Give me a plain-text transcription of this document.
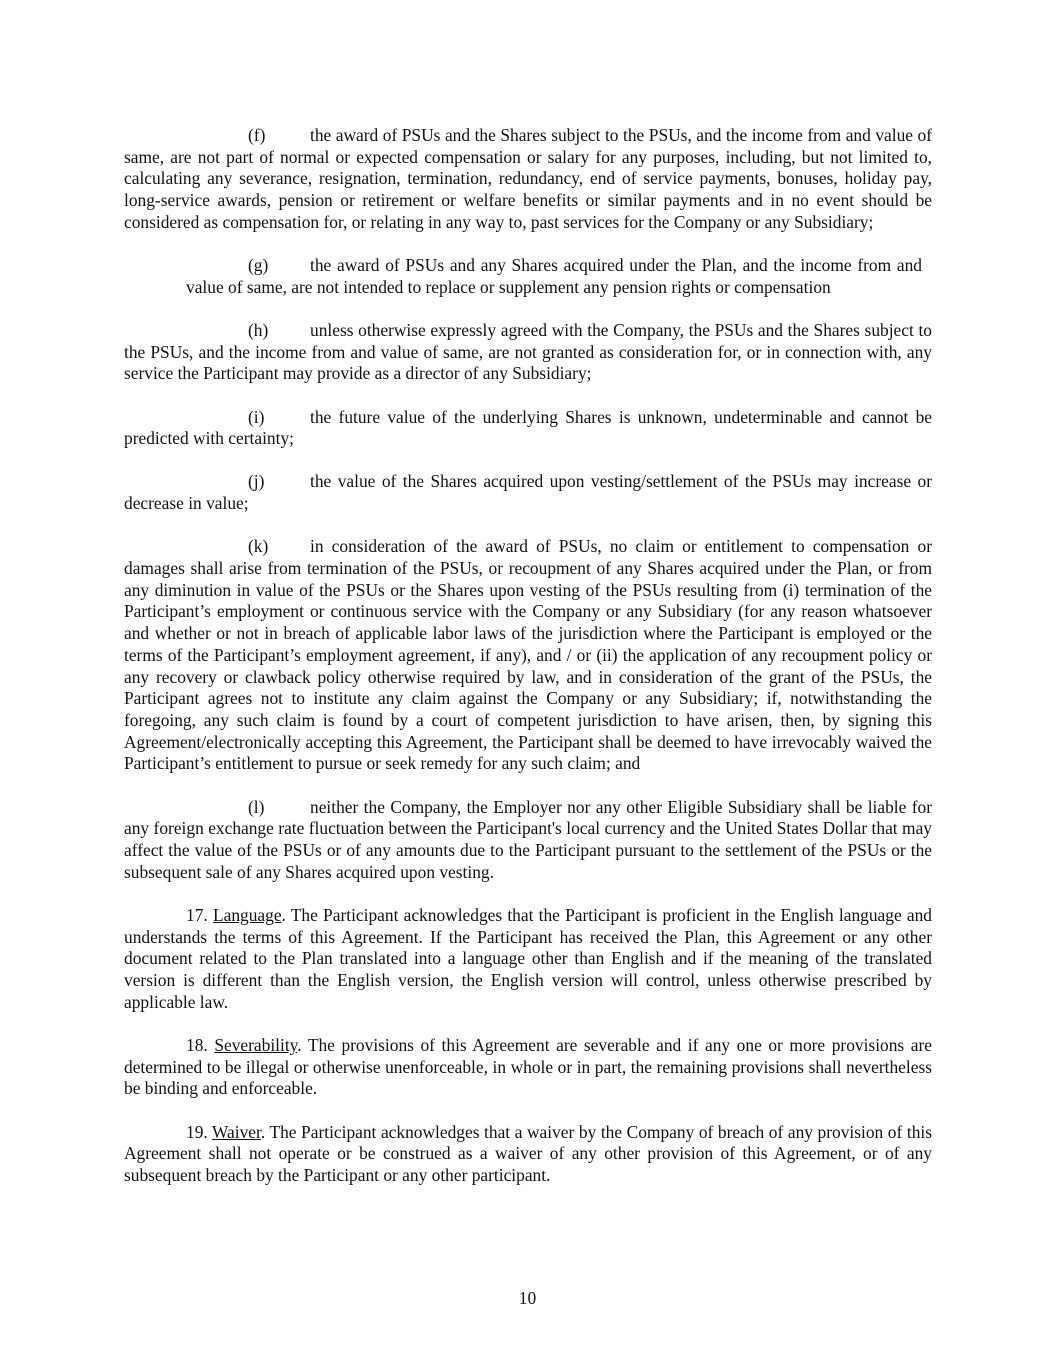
(f)	the award of PSUs and the Shares subject to the PSUs, and the income from and value of same, are not part of normal or expected compensation or salary for any purposes, including, but not limited to, calculating any severance, resignation, termination, redundancy, end of service payments, bonuses, holiday pay, long-service awards, pension or retirement or welfare benefits or similar payments and in no event should be considered as compensation for, or relating in any way to, past services for the Company or any Subsidiary;

(g) the award of PSUs and any Shares acquired under the Plan, and the income from and value of same, are not intended to replace or supplement any pension rights or compensation

(h) unless otherwise expressly agreed with the Company, the PSUs and the Shares subject to the PSUs, and the income from and value of same, are not granted as consideration for, or in connection with, any service the Participant may provide as a director of any Subsidiary;

(i)	the future value of the underlying Shares is unknown, undeterminable and cannot be predicted with certainty;

(j)	the value of the Shares acquired upon vesting/settlement of the PSUs may increase or decrease in value;

(k) in consideration of the award of PSUs, no claim or entitlement to compensation or damages shall arise from termination of the PSUs, or recoupment of any Shares acquired under the Plan, or from any diminution in value of the PSUs or the Shares upon vesting of the PSUs resulting from (i) termination of the Participant’s employment or continuous service with the Company or any Subsidiary (for any reason whatsoever and whether or not in breach of applicable labor laws of the jurisdiction where the Participant is employed or the terms of the Participant’s employment agreement, if any), and / or (ii) the application of any recoupment policy or any recovery or clawback policy otherwise required by law, and in consideration of the grant of the PSUs, the Participant agrees not to institute any claim against the Company or any Subsidiary; if, notwithstanding the foregoing, any such claim is found by a court of competent jurisdiction to have arisen, then, by signing this Agreement/electronically accepting this Agreement, the Participant shall be deemed to have irrevocably waived the Participant’s entitlement to pursue or seek remedy for any such claim; and

(l)	neither the Company, the Employer nor any other Eligible Subsidiary shall be liable for any foreign exchange rate fluctuation between the Participant's local currency and the United States Dollar that may affect the value of the PSUs or of any amounts due to the Participant pursuant to the settlement of the PSUs or the subsequent sale of any Shares acquired upon vesting.

17. Language. The Participant acknowledges that the Participant is proficient in the English language and understands the terms of this Agreement. If the Participant has received the Plan, this Agreement or any other document related to the Plan translated into a language other than English and if the meaning of the translated version is different than the English version, the English version will control, unless otherwise prescribed by applicable law.

18. Severability. The provisions of this Agreement are severable and if any one or more provisions are determined to be illegal or otherwise unenforceable, in whole or in part, the remaining provisions shall nevertheless be binding and enforceable.

19. Waiver. The Participant acknowledges that a waiver by the Company of breach of any provision of this Agreement shall not operate or be construed as a waiver of any other provision of this Agreement, or of any subsequent breach by the Participant or any other participant.

10
